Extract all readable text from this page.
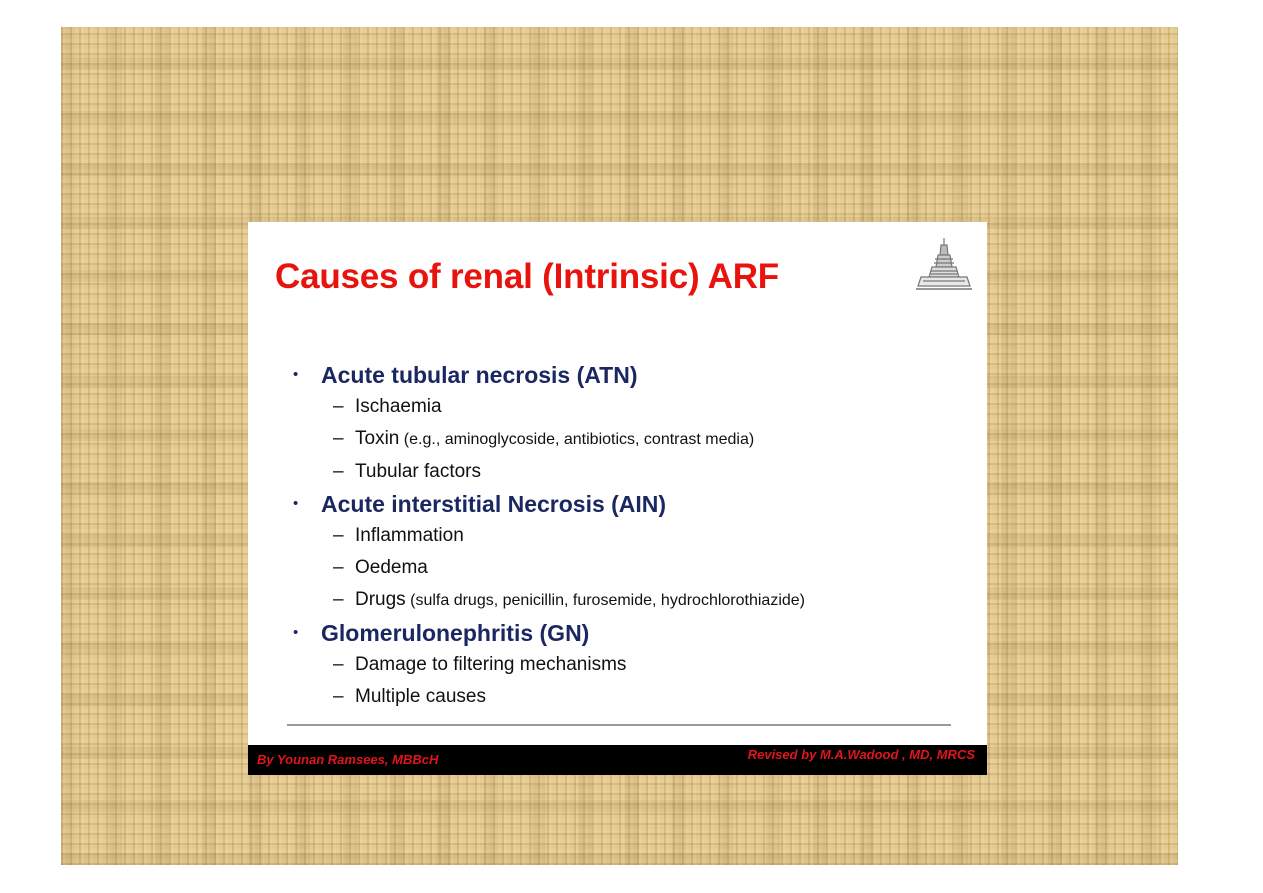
Causes of renal (Intrinsic) ARF
• Acute tubular necrosis (ATN)
– Ischaemia
– Toxin (e.g., aminoglycoside, antibiotics, contrast media)
– Tubular factors
• Acute interstitial Necrosis (AIN)
– Inflammation
– Oedema
– Drugs (sulfa drugs, penicillin, furosemide, hydrochlorothiazide)
• Glomerulonephritis (GN)
– Damage to filtering mechanisms
– Multiple causes
By Younan Ramsees, MBBcH	Revised by M.A.Wadood , MD, MRCS
